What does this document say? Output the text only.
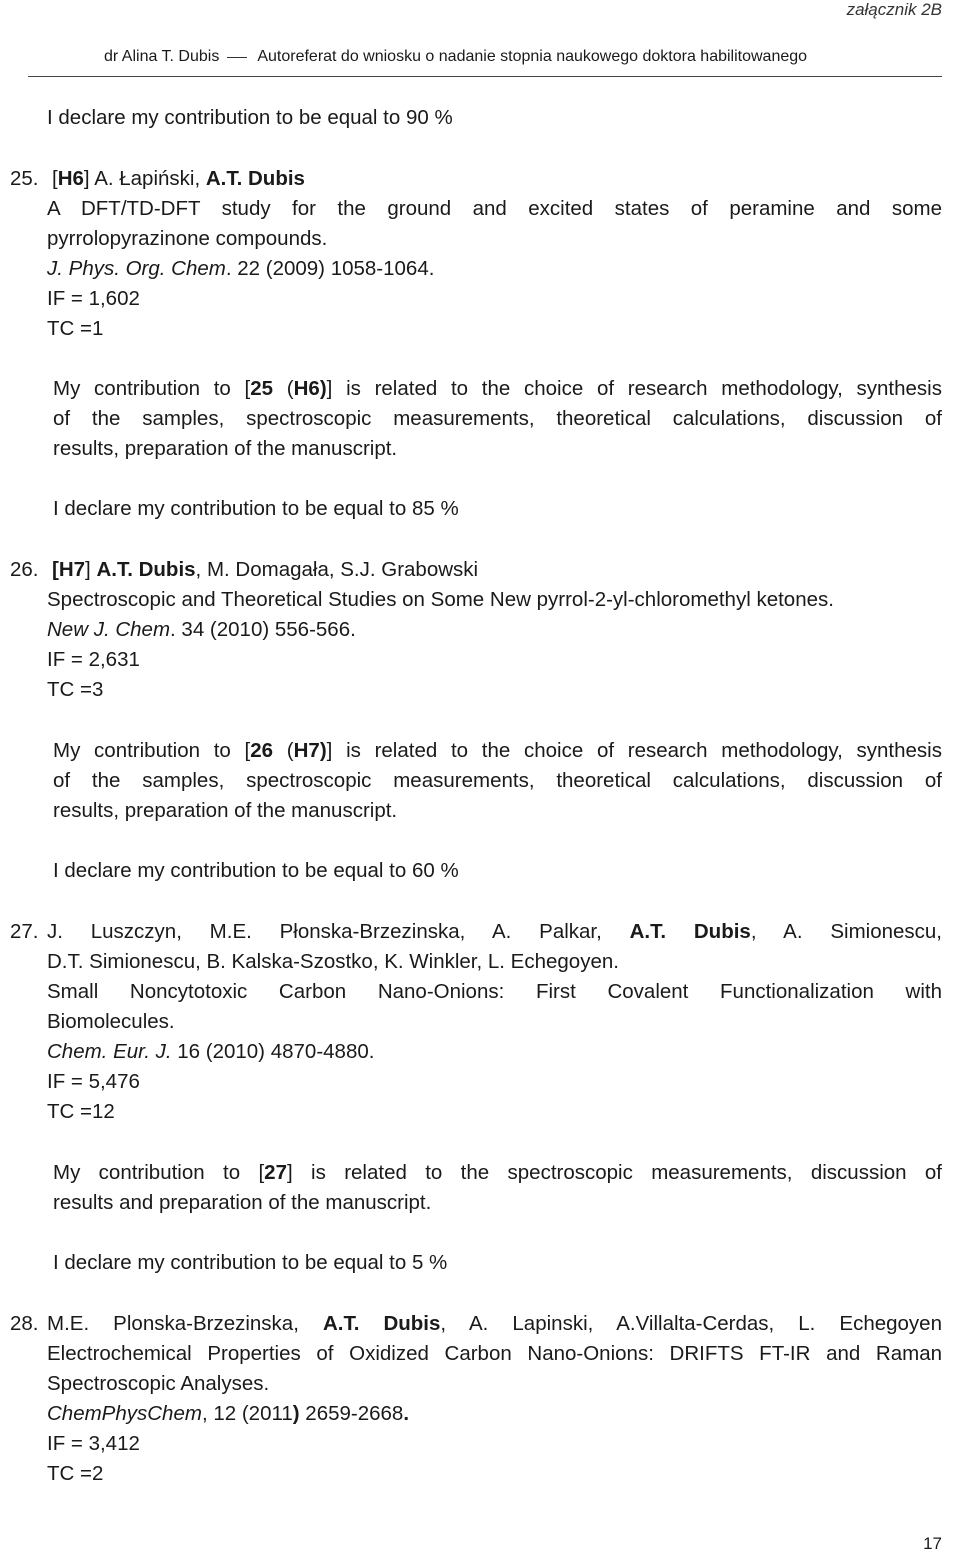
załącznik 2B
dr Alina T. Dubis Autoreferat do wniosku o nadanie stopnia naukowego doktora habilitowanego
I declare my contribution to be equal to 90 %
25. [H6] A. Łapiński, A.T. Dubis
A DFT/TD-DFT study for the ground and excited states of peramine and some
pyrrolopyrazinone compounds.
J. Phys. Org. Chem. 22 (2009) 1058-1064.
IF = 1,602
TC =1
My contribution to [25 (H6)] is related to the choice of research methodology, synthesis
of the samples, spectroscopic measurements, theoretical calculations, discussion of
results, preparation of the manuscript.
I declare my contribution to be equal to 85 %
26. [H7] A.T. Dubis, M. Domagała, S.J. Grabowski
Spectroscopic and Theoretical Studies on Some New pyrrol-2-yl-chloromethyl ketones.
New J. Chem. 34 (2010) 556-566.
IF = 2,631
TC =3
My contribution to [26 (H7)] is related to the choice of research methodology, synthesis
of the samples, spectroscopic measurements, theoretical calculations, discussion of
results, preparation of the manuscript.
I declare my contribution to be equal to 60 %
27. J. Luszczyn, M.E. Płonska-Brzezinska, A. Palkar, A.T. Dubis, A. Simionescu,
D.T. Simionescu, B. Kalska-Szostko, K. Winkler, L. Echegoyen.
Small Noncytotoxic Carbon Nano-Onions: First Covalent Functionalization with
Biomolecules.
Chem. Eur. J. 16 (2010) 4870-4880.
IF = 5,476
TC =12
My contribution to [27] is related to the spectroscopic measurements, discussion of
results and preparation of the manuscript.
I declare my contribution to be equal to 5 %
28. M.E. Plonska-Brzezinska, A.T. Dubis, A. Lapinski, A.Villalta-Cerdas, L. Echegoyen
Electrochemical Properties of Oxidized Carbon Nano-Onions: DRIFTS FT-IR and Raman
Spectroscopic Analyses.
ChemPhysChem, 12 (2011) 2659-2668.
IF = 3,412
TC =2
17
